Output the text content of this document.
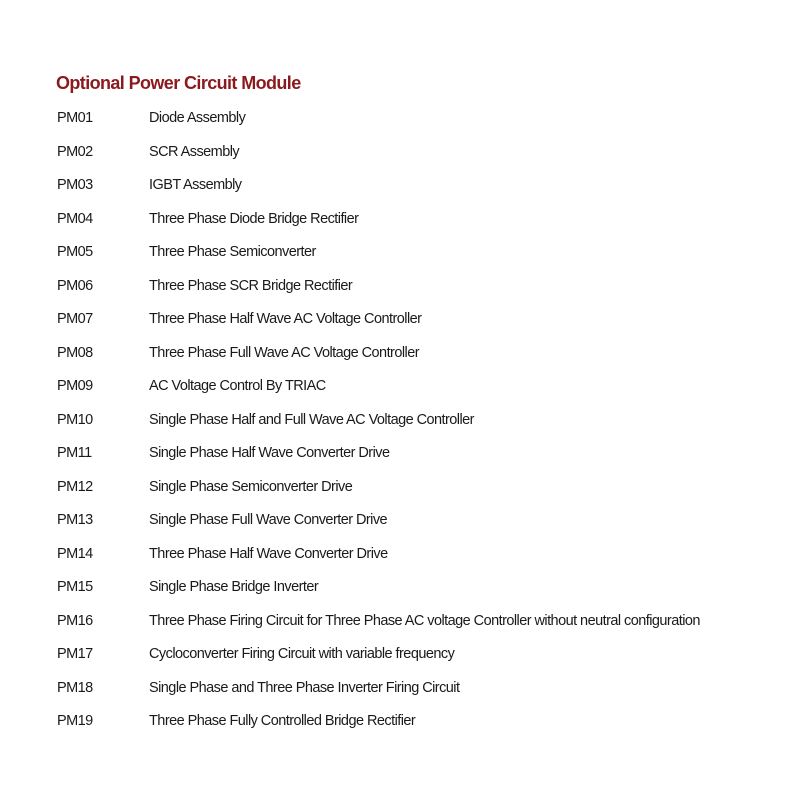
Optional Power Circuit Module
PM01	Diode Assembly
PM02	SCR Assembly
PM03	IGBT Assembly
PM04	Three Phase Diode Bridge Rectifier
PM05	Three Phase Semiconverter
PM06	Three Phase SCR Bridge Rectifier
PM07	Three Phase Half Wave AC Voltage Controller
PM08	Three Phase Full Wave AC Voltage Controller
PM09	AC Voltage Control By TRIAC
PM10	Single Phase Half and Full Wave AC Voltage Controller
PM11	Single Phase Half Wave Converter Drive
PM12	Single Phase Semiconverter Drive
PM13	Single Phase Full Wave Converter Drive
PM14	Three Phase Half Wave Converter Drive
PM15	Single Phase Bridge Inverter
PM16	Three Phase Firing Circuit for Three Phase AC voltage Controller without neutral configuration
PM17	Cycloconverter Firing Circuit with variable frequency
PM18	Single Phase and Three Phase Inverter Firing Circuit
PM19	Three Phase Fully Controlled Bridge Rectifier
